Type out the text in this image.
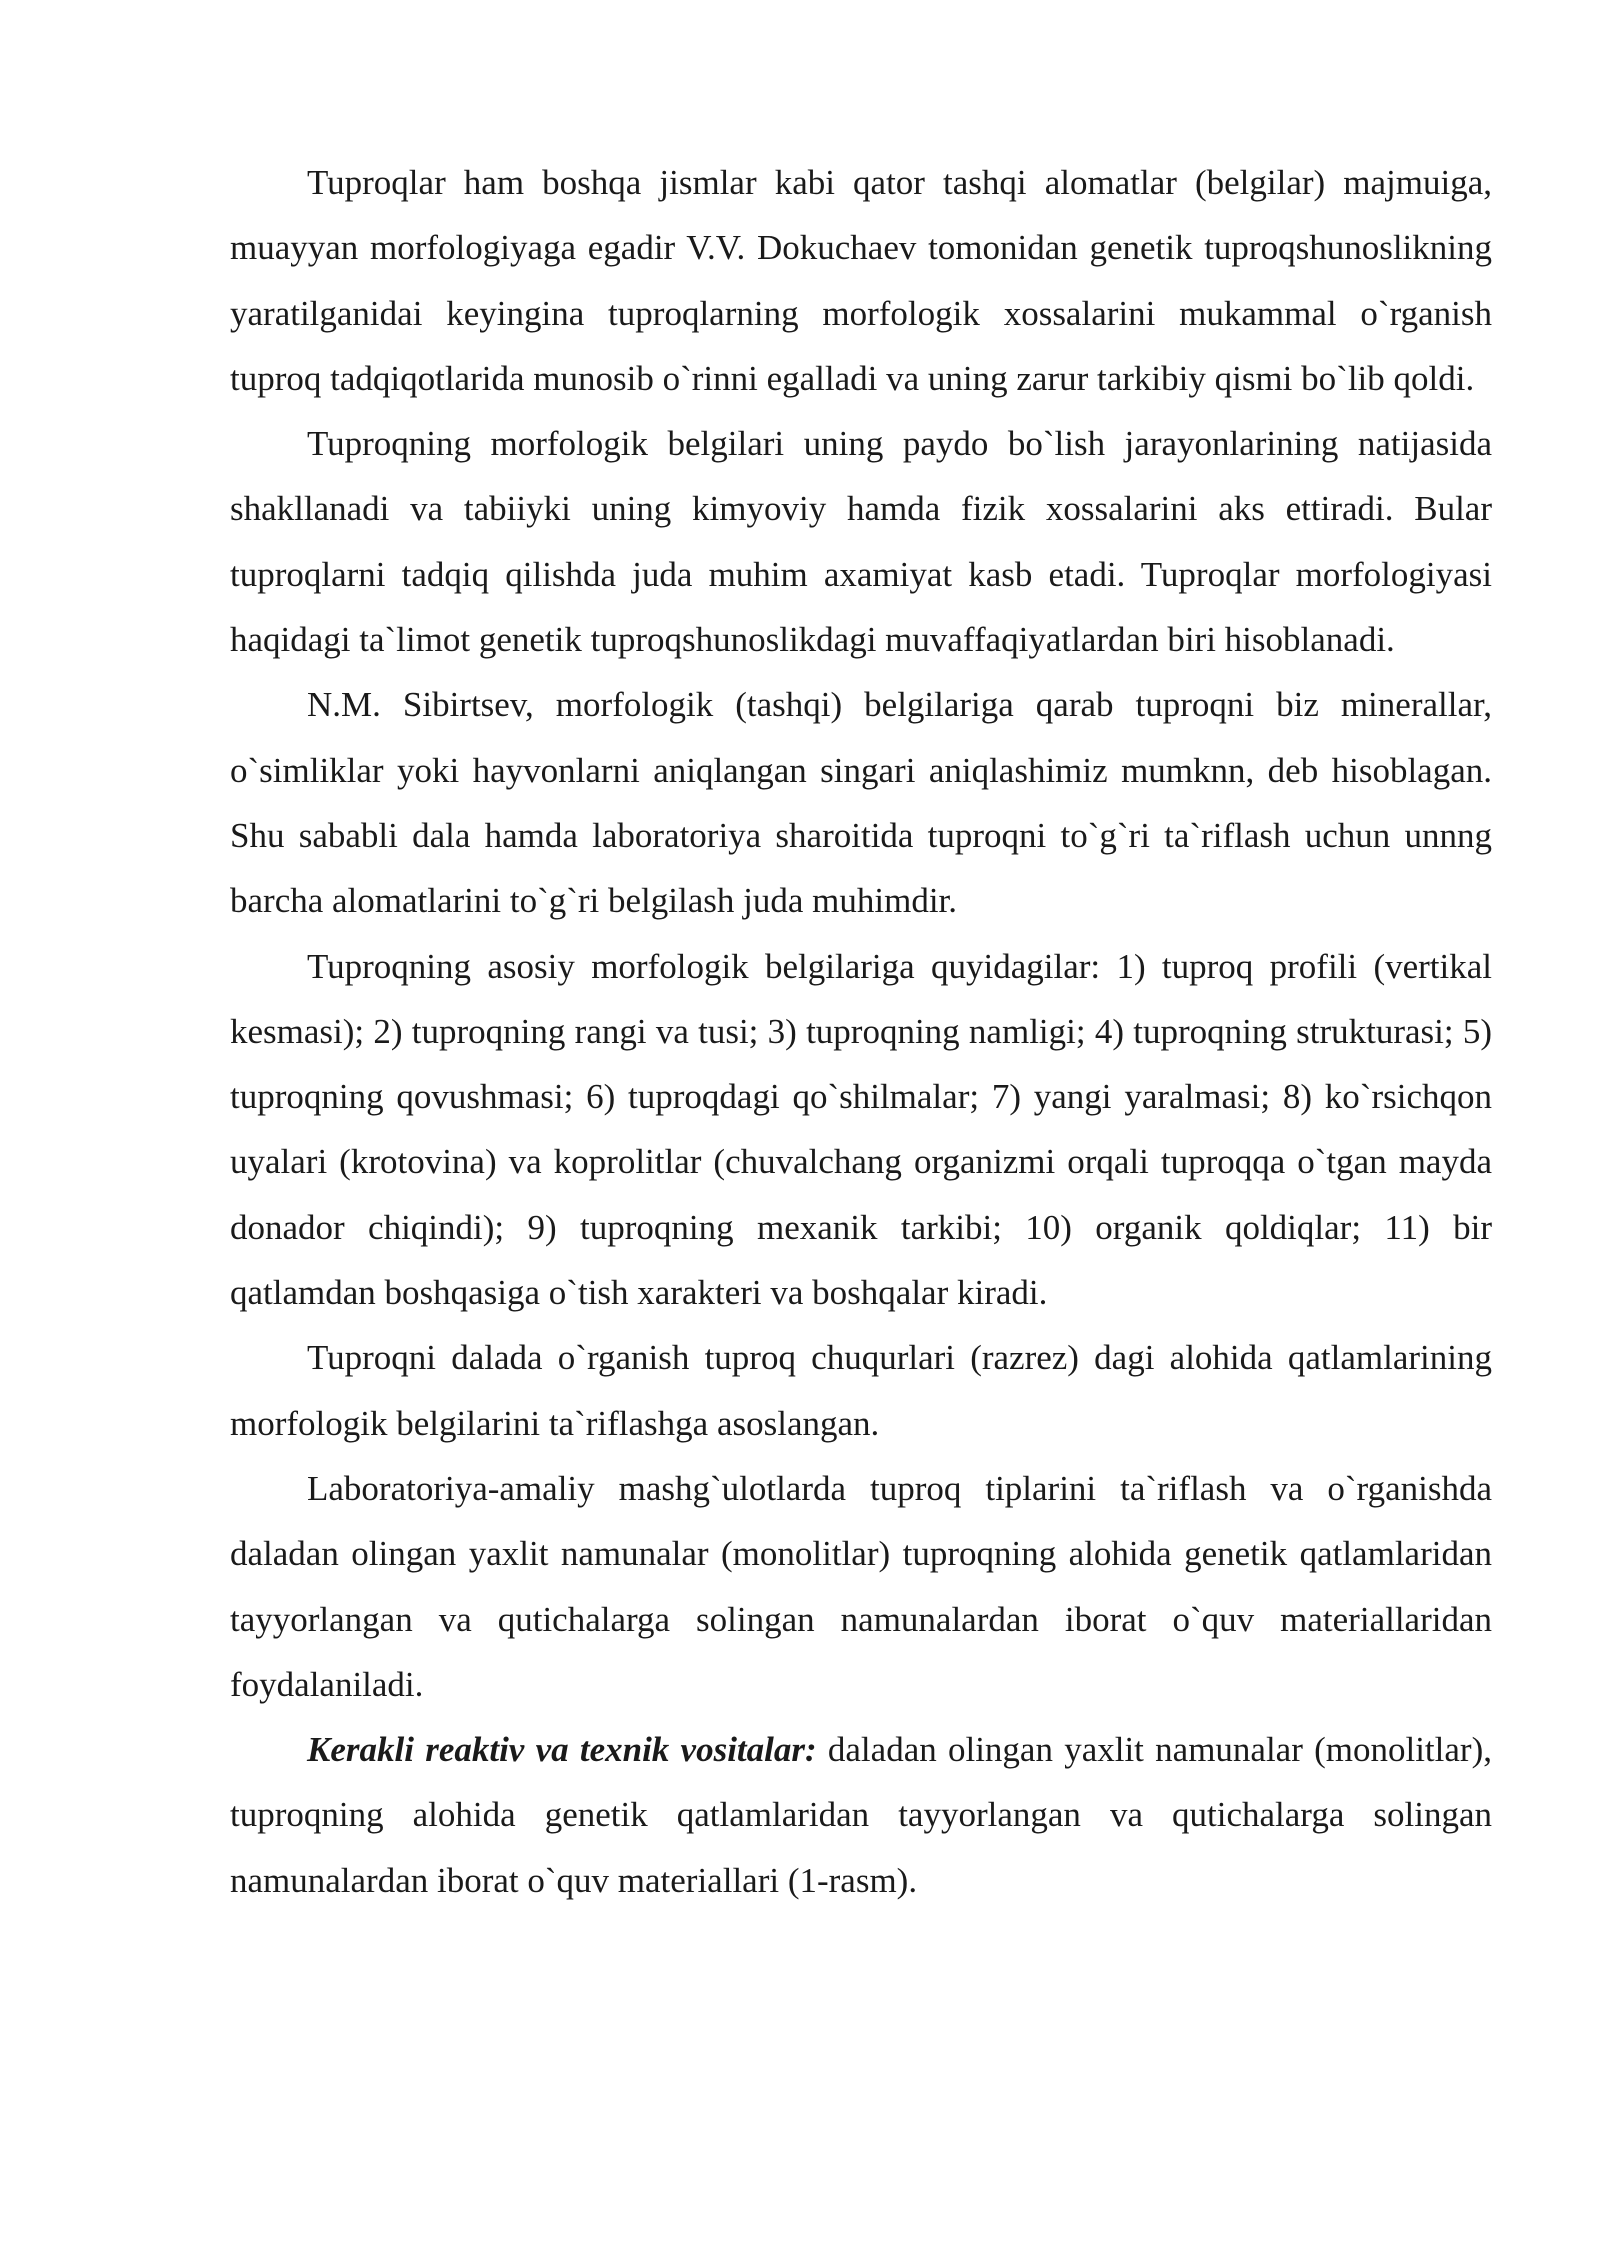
Tuproqlar ham boshqa jismlar kabi qator tashqi alomatlar (belgilar) majmuiga, muayyan morfologiyaga egadir V.V. Dokuchaev tomonidan genetik tuproqshunoslikning yaratilganidai keyingina tuproqlarning morfologik xossalarini mukammal o`rganish tuproq tadqiqotlarida munosib o`rinni egalladi va uning zarur tarkibiy qismi bo`lib qoldi.

Tuproqning morfologik belgilari uning paydo bo`lish jarayonlarining natijasida shakllanadi va tabiiyki uning kimyoviy hamda fizik xossalarini aks ettiradi. Bular tuproqlarni tadqiq qilishda juda muhim axamiyat kasb etadi. Tuproqlar morfologiyasi haqidagi ta`limot genetik tuproqshunoslikdagi muvaffaqiyatlardan biri hisoblanadi.

N.M. Sibirtsev, morfologik (tashqi) belgilariga qarab tuproqni biz minerallar, o`simliklar yoki hayvonlarni aniqlangan singari aniqlashimiz mumknn, deb hisoblagan. Shu sababli dala hamda laboratoriya sharoitida tuproqni to`g`ri ta`riflash uchun unnng barcha alomatlarini to`g`ri belgilash juda muhimdir.

Tuproqning asosiy morfologik belgilariga quyidagilar: 1) tuproq profili (vertikal kesmasi); 2) tuproqning rangi va tusi; 3) tuproqning namligi; 4) tuproqning strukturasi; 5) tuproqning qovushmasi; 6) tuproqdagi qo`shilmalar; 7) yangi yaralmasi; 8) ko`rsichqon uyalari (krotovina) va koprolitlar (chuvalchang organizmi orqali tuproqqa o`tgan mayda donador chiqindi); 9) tuproqning mexanik tarkibi; 10) organik qoldiqlar; 11) bir qatlamdan boshqasiga o`tish xarakteri va boshqalar kiradi.

Tuproqni dalada o`rganish tuproq chuqurlari (razrez) dagi alohida qatlamlarining morfologik belgilarini ta`riflashga asoslangan.

Laboratoriya-amaliy mashg`ulotlarda tuproq tiplarini ta`riflash va o`rganishda daladan olingan yaxlit namunalar (monolitlar) tuproqning alohida genetik qatlamlaridan tayyorlangan va qutichalarga solingan namunalardan iborat o`quv materiallaridan foydalaniladi.

Kerakli reaktiv va texnik vositalar: daladan olingan yaxlit namunalar (monolitlar), tuproqning alohida genetik qatlamlaridan tayyorlangan va qutichalarga solingan namunalardan iborat o`quv materiallari (1-rasm).
